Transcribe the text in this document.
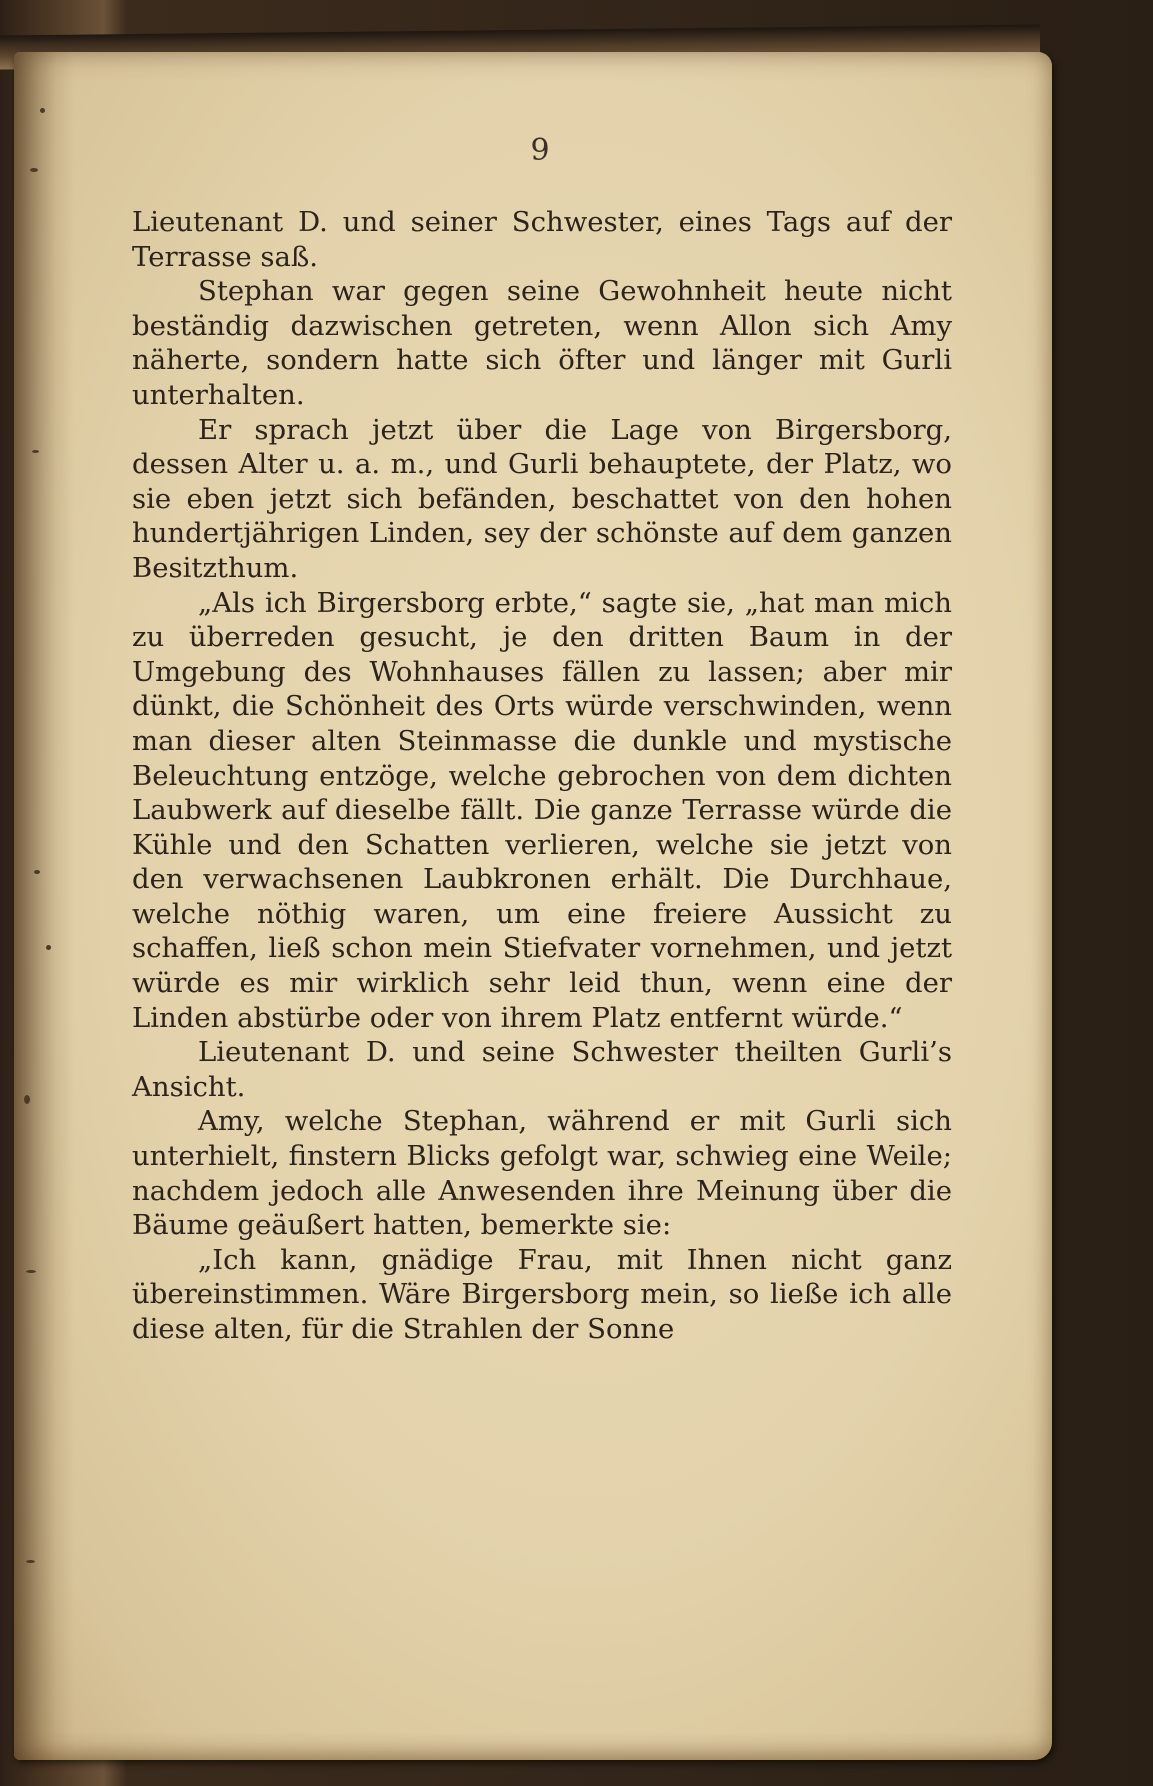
9

Lieutenant D. und seiner Schwester, eines Tags auf der Terrasse saß.

Stephan war gegen seine Gewohnheit heute nicht beständig dazwischen getreten, wenn Allon sich Amy näherte, sondern hatte sich öfter und länger mit Gurli unterhalten.

Er sprach jetzt über die Lage von Birgersborg, dessen Alter u. a. m., und Gurli behauptete, der Platz, wo sie eben jetzt sich befänden, beschattet von den hohen hundertjährigen Linden, sey der schönste auf dem ganzen Besitzthum.

„Als ich Birgersborg erbte,“ sagte sie, „hat man mich zu überreden gesucht, je den dritten Baum in der Umgebung des Wohnhauses fällen zu lassen; aber mir dünkt, die Schönheit des Orts würde verschwinden, wenn man dieser alten Steinmasse die dunkle und mystische Beleuchtung entzöge, welche gebrochen von dem dichten Laubwerk auf dieselbe fällt. Die ganze Terrasse würde die Kühle und den Schatten verlieren, welche sie jetzt von den verwachsenen Laubkronen erhält. Die Durchhaue, welche nöthig waren, um eine freiere Aussicht zu schaffen, ließ schon mein Stiefvater vornehmen, und jetzt würde es mir wirklich sehr leid thun, wenn eine der Linden abstürbe oder von ihrem Platz entfernt würde.“

Lieutenant D. und seine Schwester theilten Gurli’s Ansicht.

Amy, welche Stephan, während er mit Gurli sich unterhielt, finstern Blicks gefolgt war, schwieg eine Weile; nachdem jedoch alle Anwesenden ihre Meinung über die Bäume geäußert hatten, bemerkte sie:

„Ich kann, gnädige Frau, mit Ihnen nicht ganz übereinstimmen. Wäre Birgersborg mein, so ließe ich alle diese alten, für die Strahlen der Sonne
